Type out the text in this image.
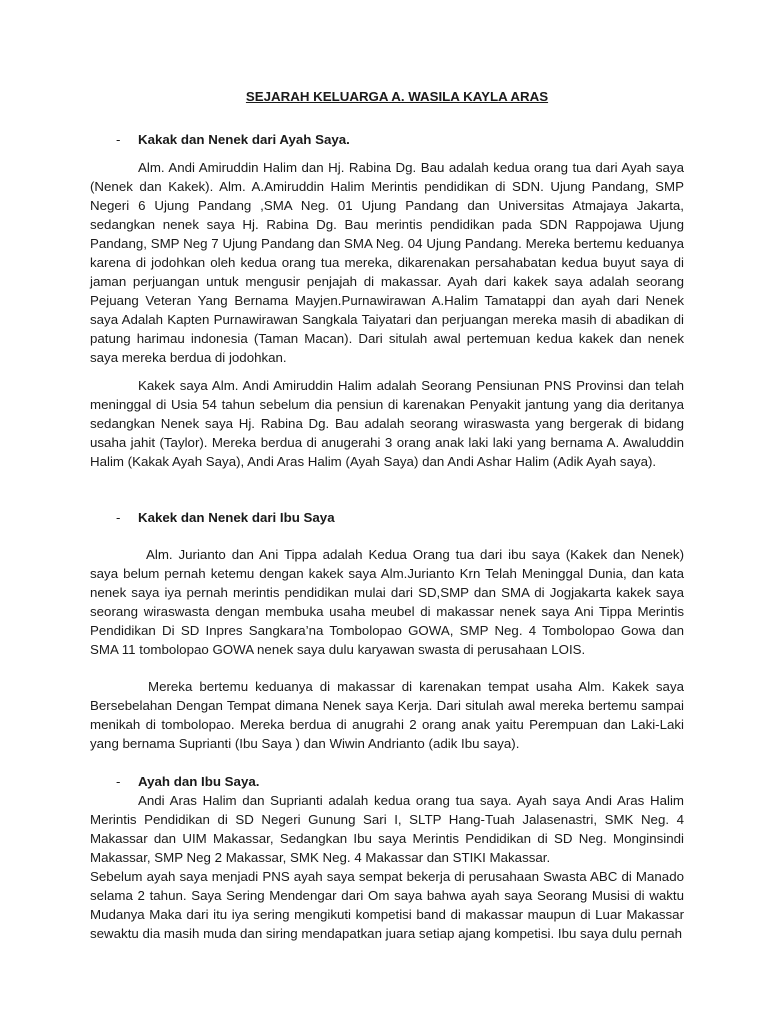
SEJARAH KELUARGA A. WASILA KAYLA ARAS
- Kakak dan Nenek dari Ayah Saya.

Alm. Andi Amiruddin Halim dan Hj. Rabina Dg. Bau adalah kedua orang tua dari Ayah saya (Nenek dan Kakek). Alm. A.Amiruddin Halim Merintis pendidikan di SDN. Ujung Pandang, SMP Negeri 6 Ujung Pandang ,SMA Neg. 01 Ujung Pandang dan Universitas Atmajaya Jakarta, sedangkan nenek saya Hj. Rabina Dg. Bau merintis pendidikan pada SDN Rappojawa Ujung Pandang, SMP Neg 7 Ujung Pandang dan SMA Neg. 04 Ujung Pandang. Mereka bertemu keduanya karena di jodohkan oleh kedua orang tua mereka, dikarenakan persahabatan kedua buyut saya di jaman perjuangan untuk mengusir penjajah di makassar. Ayah dari kakek saya adalah seorang Pejuang Veteran Yang Bernama Mayjen.Purnawirawan A.Halim Tamatappi dan ayah dari Nenek saya Adalah Kapten Purnawirawan Sangkala Taiyatari dan perjuangan mereka masih di abadikan di patung harimau indonesia (Taman Macan). Dari situlah awal pertemuan kedua kakek dan nenek saya mereka berdua di jodohkan.

Kakek saya Alm. Andi Amiruddin Halim adalah Seorang Pensiunan PNS Provinsi dan telah meninggal di Usia 54 tahun sebelum dia pensiun di karenakan Penyakit jantung yang dia deritanya sedangkan Nenek saya Hj. Rabina Dg. Bau adalah seorang wiraswasta yang bergerak di bidang usaha jahit (Taylor). Mereka berdua di anugerahi 3 orang anak laki laki yang bernama A. Awaluddin Halim (Kakak Ayah Saya), Andi Aras Halim (Ayah Saya) dan Andi Ashar Halim (Adik Ayah saya).

- Kakek dan Nenek dari Ibu Saya

Alm. Jurianto dan Ani Tippa adalah Kedua Orang tua dari ibu saya (Kakek dan Nenek) saya belum pernah ketemu dengan kakek saya Alm.Jurianto Krn Telah Meninggal Dunia, dan kata nenek saya iya pernah merintis pendidikan mulai dari SD,SMP dan SMA di Jogjakarta kakek saya seorang wiraswasta dengan membuka usaha meubel di makassar nenek saya Ani Tippa Merintis Pendidikan Di SD Inpres Sangkara’na Tombolopao GOWA, SMP Neg. 4 Tombolopao Gowa dan SMA 11 tombolopao GOWA nenek saya dulu karyawan swasta di perusahaan LOIS.

Mereka bertemu keduanya di makassar di karenakan tempat usaha Alm. Kakek saya Bersebelahan Dengan Tempat dimana Nenek saya Kerja. Dari situlah awal mereka bertemu sampai menikah di tombolopao. Mereka berdua di anugrahi 2 orang anak yaitu Perempuan dan Laki-Laki yang bernama Suprianti (Ibu Saya ) dan Wiwin Andrianto (adik Ibu saya).

- Ayah dan Ibu Saya.

Andi Aras Halim dan Suprianti adalah kedua orang tua saya. Ayah saya Andi Aras Halim Merintis Pendidikan di SD Negeri Gunung Sari I, SLTP Hang-Tuah Jalasenastri, SMK Neg. 4 Makassar dan UIM Makassar, Sedangkan Ibu saya Merintis Pendidikan di SD Neg. Monginsindi Makassar, SMP Neg 2 Makassar, SMK Neg. 4 Makassar dan STIKI Makassar.

Sebelum ayah saya menjadi PNS ayah saya sempat bekerja di perusahaan Swasta ABC di Manado selama 2 tahun. Saya Sering Mendengar dari Om saya bahwa ayah saya Seorang Musisi di waktu Mudanya Maka dari itu iya sering mengikuti kompetisi band di makassar maupun di Luar Makassar sewaktu dia masih muda dan siring mendapatkan juara setiap ajang kompetisi. Ibu saya dulu pernah
